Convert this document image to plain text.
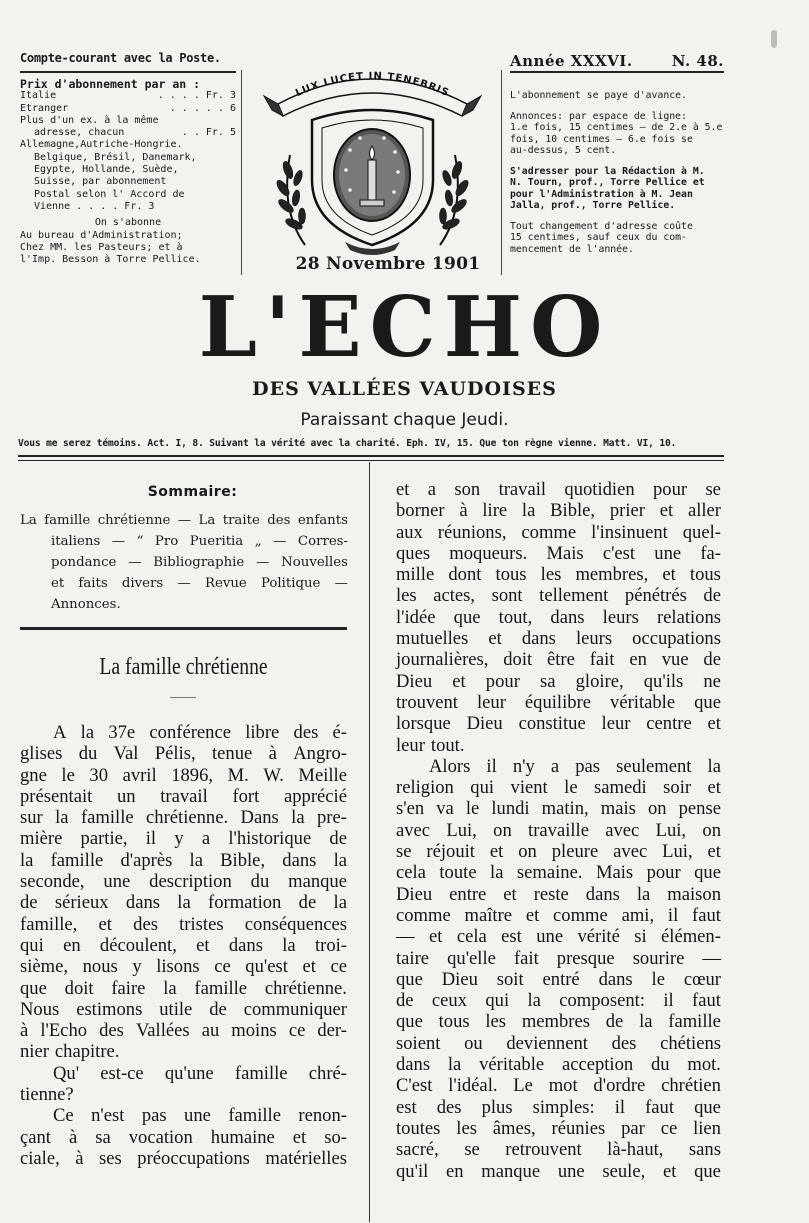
Compte-courant avec la Poste.
Prix d'abonnement par an :
Italie	. . . . Fr. 3
Etranger	. . . . . 6
Plus d'un ex. à la même
adresse, chacun	. . Fr. 5
Allemagne,Autriche-Hongrie.
Belgique, Brésil, Danemark,
Egypte, Hollande, Suède,
Suisse, par abonnement
Postal selon l' Accord de
Vienne . . . . Fr. 3
On s'abonne
Au bureau d'Administration;
Chez MM. les Pasteurs; et à
l'Imp. Besson à Torre Pellice.
LUX LUCET IN TENEBRIS
28 Novembre 1901
Année XXXVI.	N. 48.

L'abonnement se paye d'avance.

Annonces: par espace de ligne:
1.e fois, 15 centimes — de 2.e à 5.e
fois, 10 centimes — 6.e fois se
au-dessus, 5 cent.

S'adresser pour la Rédaction à M.
N. Tourn, prof., Torre Pellice et
pour l'Administration à M. Jean
Jalla, prof., Torre Pellice.

Tout changement d'adresse coûte
15 centimes, sauf ceux du com-
mencement de l'année.

L'ECHO
DES VALLÉES VAUDOISES
Paraissant chaque Jeudi.
Vous me serez témoins. Act. I, 8. Suivant la vérité avec la charité. Eph. IV, 15. Que ton règne vienne. Matt. VI, 10.
Sommaire:
La famille chrétienne — La traite des enfants
italiens — “ Pro Pueritia „ — Corres-
pondance — Bibliographie — Nouvelles
et faits divers — Revue Politique —
Annonces.
La famille chrétienne
A la 37e conférence libre des é-
glises du Val Pélis, tenue à Angro-
gne le 30 avril 1896, M. W. Meille
présentait un travail fort apprécié
sur la famille chrétienne. Dans la pre-
mière partie, il y a l'historique de
la famille d'après la Bible, dans la
seconde, une description du manque
de sérieux dans la formation de la
famille, et des tristes conséquences
qui en découlent, et dans la troi-
sième, nous y lisons ce qu'est et ce
que doit faire la famille chrétienne.
Nous estimons utile de communiquer
à l'Echo des Vallées au moins ce der-
nier chapitre.
Qu' est-ce qu'une famille chré-
tienne?
Ce n'est pas une famille renon-
çant à sa vocation humaine et so-
ciale, à ses préoccupations matérielles
et a son travail quotidien pour se
borner à lire la Bible, prier et aller
aux réunions, comme l'insinuent quel-
ques moqueurs. Mais c'est une fa-
mille dont tous les membres, et tous
les actes, sont tellement pénétrés de
l'idée que tout, dans leurs relations
mutuelles et dans leurs occupations
journalières, doit être fait en vue de
Dieu et pour sa gloire, qu'ils ne
trouvent leur équilibre véritable que
lorsque Dieu constitue leur centre et
leur tout.
Alors il n'y a pas seulement la
religion qui vient le samedi soir et
s'en va le lundi matin, mais on pense
avec Lui, on travaille avec Lui, on
se réjouit et on pleure avec Lui, et
cela toute la semaine. Mais pour que
Dieu entre et reste dans la maison
comme maître et comme ami, il faut
— et cela est une vérité si élémen-
taire qu'elle fait presque sourire —
que Dieu soit entré dans le cœur
de ceux qui la composent: il faut
que tous les membres de la famille
soient ou deviennent des chétiens
dans la véritable acception du mot.
C'est l'idéal. Le mot d'ordre chrétien
est des plus simples: il faut que
toutes les âmes, réunies par ce lien
sacré, se retrouvent là-haut, sans
qu'il en manque une seule, et que
